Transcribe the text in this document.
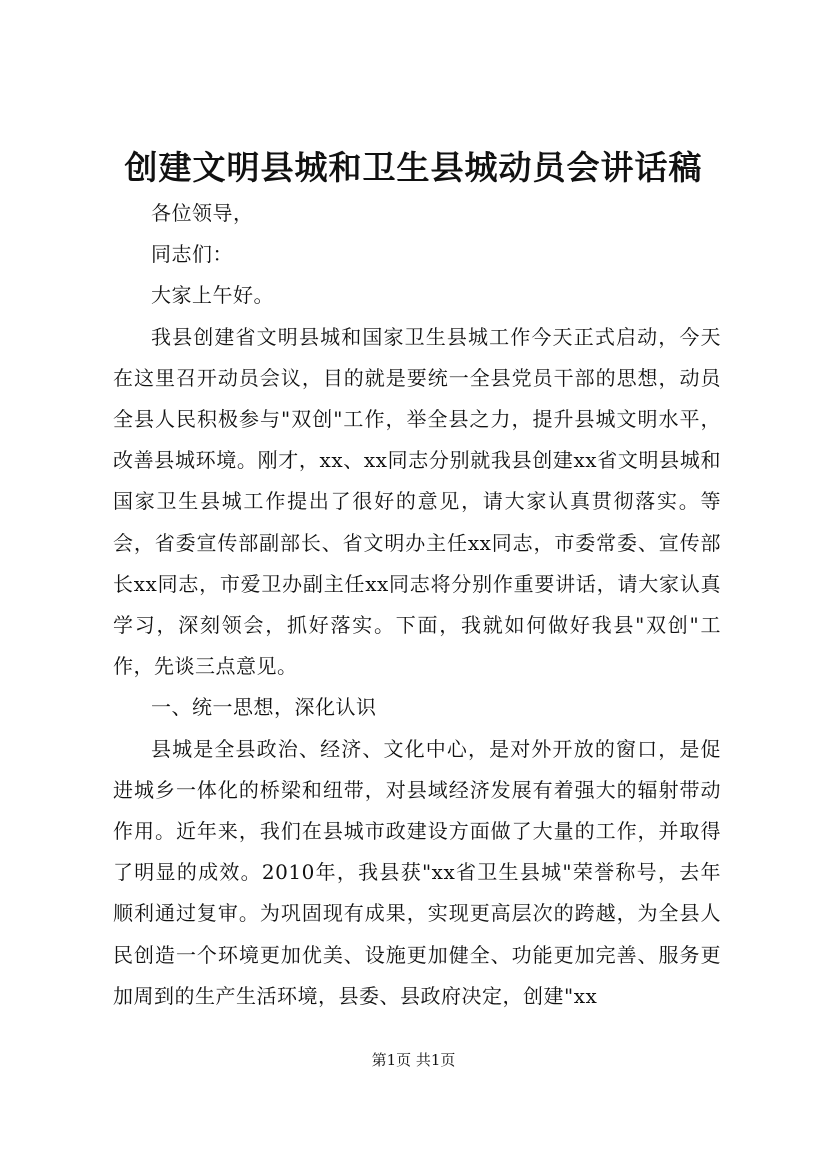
创建文明县城和卫生县城动员会讲话稿

各位领导，

同志们：

大家上午好。

我县创建省文明县城和国家卫生县城工作今天正式启动，今天在这里召开动员会议，目的就是要统一全县党员干部的思想，动员全县人民积极参与"双创"工作，举全县之力，提升县城文明水平，改善县城环境。刚才，xx、xx同志分别就我县创建xx省文明县城和国家卫生县城工作提出了很好的意见，请大家认真贯彻落实。等会，省委宣传部副部长、省文明办主任xx同志，市委常委、宣传部长xx同志，市爱卫办副主任xx同志将分别作重要讲话，请大家认真学习，深刻领会，抓好落实。下面，我就如何做好我县"双创"工作，先谈三点意见。

一、统一思想，深化认识

县城是全县政治、经济、文化中心，是对外开放的窗口，是促进城乡一体化的桥梁和纽带，对县域经济发展有着强大的辐射带动作用。近年来，我们在县城市政建设方面做了大量的工作，并取得了明显的成效。2010年，我县获"xx省卫生县城"荣誉称号，去年顺利通过复审。为巩固现有成果，实现更高层次的跨越，为全县人民创造一个环境更加优美、设施更加健全、功能更加完善、服务更加周到的生产生活环境，县委、县政府决定，创建"xx

第1页 共1页
